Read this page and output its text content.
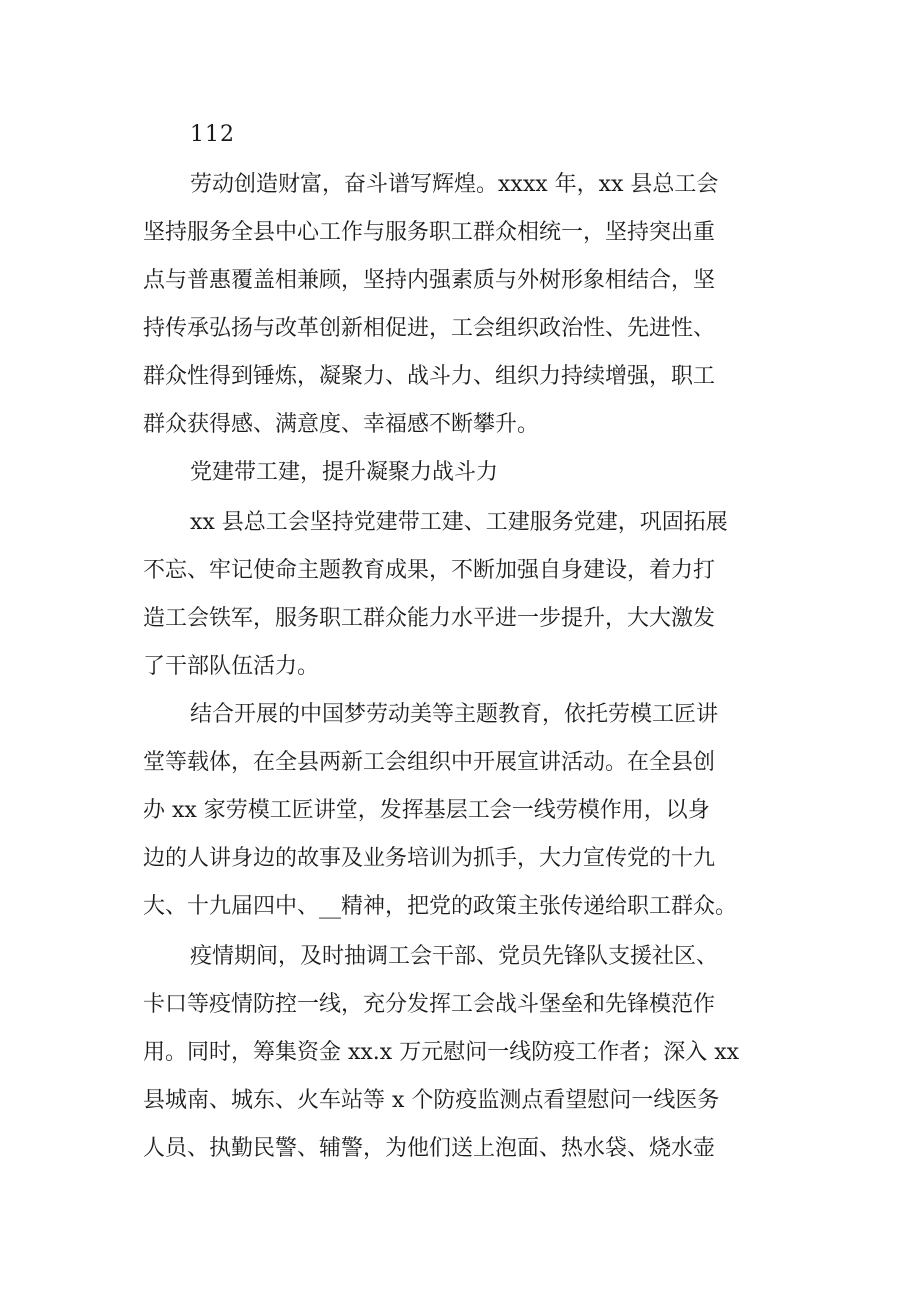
112
劳动创造财富，奋斗谱写辉煌。xxxx 年，xx 县总工会
坚持服务全县中心工作与服务职工群众相统一，坚持突出重
点与普惠覆盖相兼顾，坚持内强素质与外树形象相结合，坚
持传承弘扬与改革创新相促进，工会组织政治性、先进性、
群众性得到锤炼，凝聚力、战斗力、组织力持续增强，职工
群众获得感、满意度、幸福感不断攀升。
党建带工建，提升凝聚力战斗力
xx 县总工会坚持党建带工建、工建服务党建，巩固拓展
不忘、牢记使命主题教育成果，不断加强自身建设，着力打
造工会铁军，服务职工群众能力水平进一步提升，大大激发
了干部队伍活力。
结合开展的中国梦劳动美等主题教育，依托劳模工匠讲
堂等载体，在全县两新工会组织中开展宣讲活动。在全县创
办 xx 家劳模工匠讲堂，发挥基层工会一线劳模作用，以身
边的人讲身边的故事及业务培训为抓手，大力宣传党的十九
大、十九届四中、__精神，把党的政策主张传递给职工群众。
疫情期间，及时抽调工会干部、党员先锋队支援社区、
卡口等疫情防控一线，充分发挥工会战斗堡垒和先锋模范作
用。同时，筹集资金 xx.x 万元慰问一线防疫工作者；深入 xx
县城南、城东、火车站等 x 个防疫监测点看望慰问一线医务
人员、执勤民警、辅警，为他们送上泡面、热水袋、烧水壶
